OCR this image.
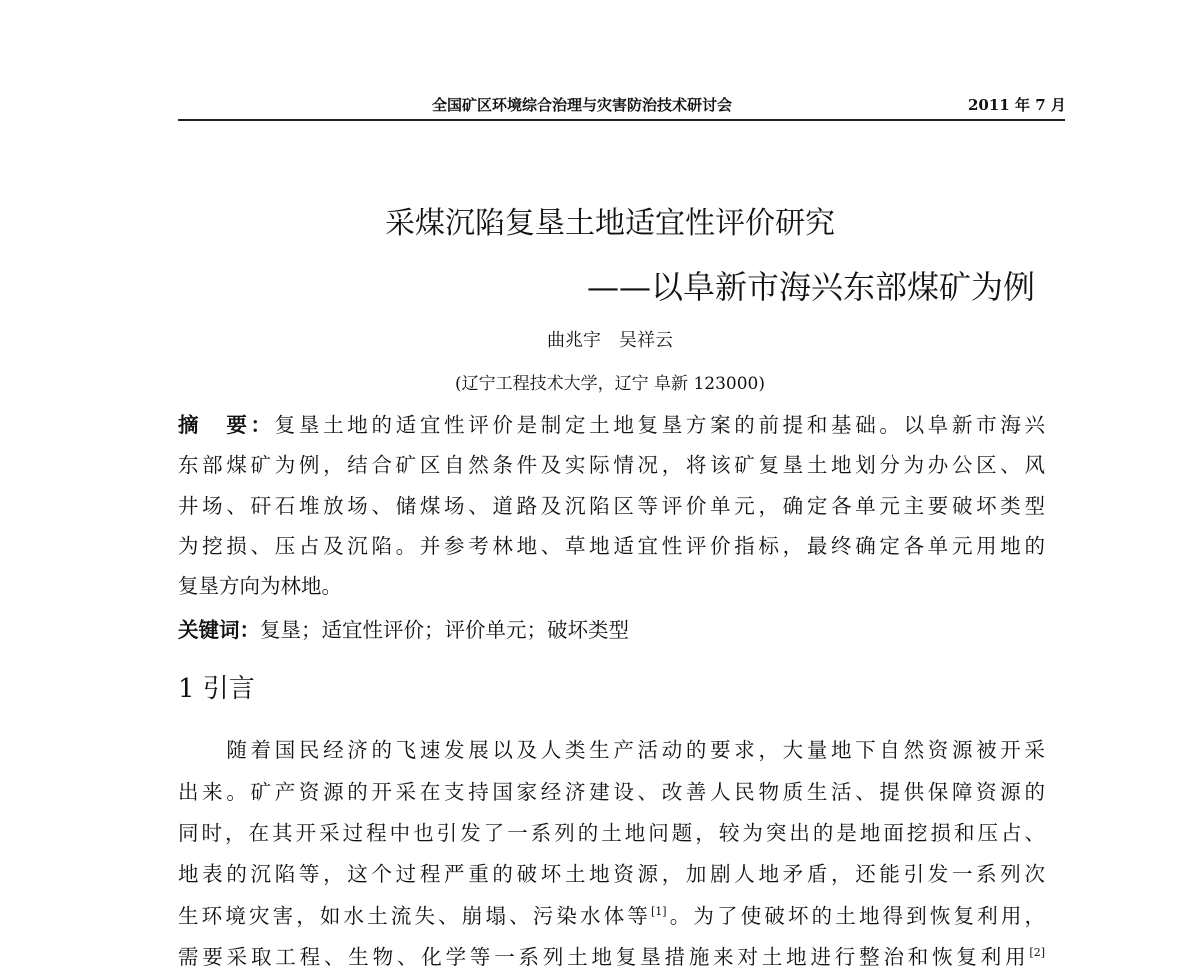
全国矿区环境综合治理与灾害防治技术研讨会	2011 年 7 月
采煤沉陷复垦土地适宜性评价研究
——以阜新市海兴东部煤矿为例
曲兆宇　吴祥云
(辽宁工程技术大学，辽宁 阜新 123000)
摘　要：复垦土地的适宜性评价是制定土地复垦方案的前提和基础。以阜新市海兴
东部煤矿为例，结合矿区自然条件及实际情况，将该矿复垦土地划分为办公区、风
井场、矸石堆放场、储煤场、道路及沉陷区等评价单元，确定各单元主要破坏类型
为挖损、压占及沉陷。并参考林地、草地适宜性评价指标，最终确定各单元用地的
复垦方向为林地。
关键词：复垦；适宜性评价；评价单元；破坏类型
1 引言
　　随着国民经济的飞速发展以及人类生产活动的要求，大量地下自然资源被开采
出来。矿产资源的开采在支持国家经济建设、改善人民物质生活、提供保障资源的
同时，在其开采过程中也引发了一系列的土地问题，较为突出的是地面挖损和压占、
地表的沉陷等，这个过程严重的破坏土地资源，加剧人地矛盾，还能引发一系列次
生环境灾害，如水土流失、崩塌、污染水体等[1]。为了使破坏的土地得到恢复利用，
需要采取工程、生物、化学等一系列土地复垦措施来对土地进行整治和恢复利用[2]
